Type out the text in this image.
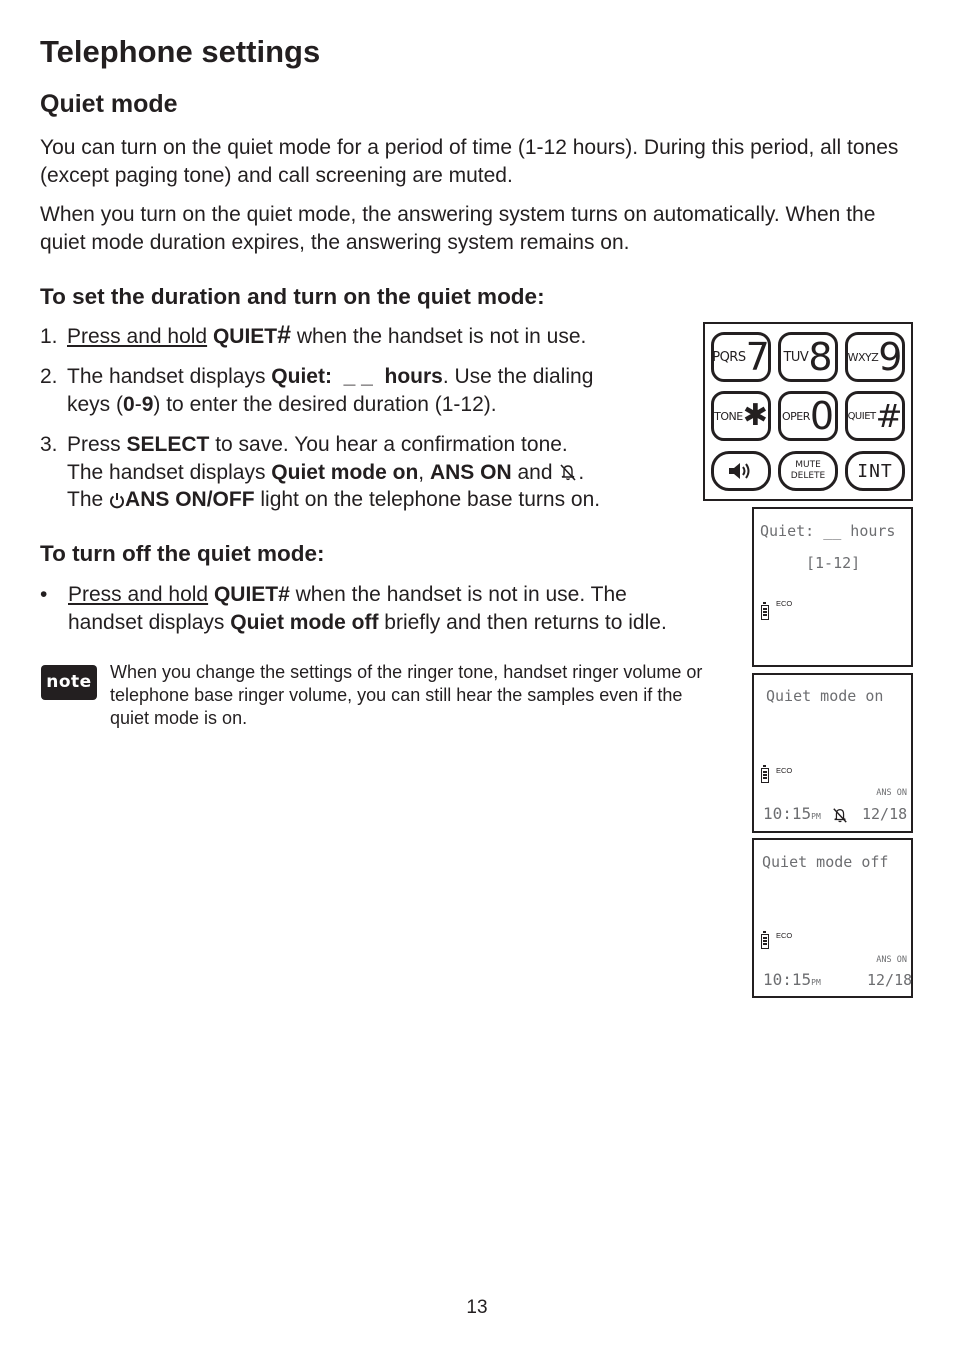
Telephone settings
Quiet mode
You can turn on the quiet mode for a period of time (1-12 hours). During this period, all tones (except paging tone) and call screening are muted.
When you turn on the quiet mode, the answering system turns on automatically. When the quiet mode duration expires, the answering system remains on.
To set the duration and turn on the quiet mode:
1. Press and hold QUIET# when the handset is not in use.
2. The handset displays Quiet:  _ _  hours. Use the dialing
keys (0-9) to enter the desired duration (1-12).
3. Press SELECT to save. You hear a confirmation tone.
The handset displays Quiet mode on, ANS ON and .
The ANS ON/OFF light on the telephone base turns on.
To turn off the quiet mode:
• Press and hold QUIET# when the handset is not in use. The
handset displays Quiet mode off briefly and then returns to idle.
note When you change the settings of the ringer tone, handset ringer volume or telephone base ringer volume, you can still hear the samples even if the quiet mode is on.
PQRS 7 TUV 8 WXYZ 9
TONE ✱ OPER 0 QUIET #
MUTE
DELETE INT
Quiet: __ hours
[1-12]
ECO
Quiet mode on
ECO
ANS ON
10:15PM	12/18
Quiet mode off
ECO
ANS ON
10:15PM	12/18
13
